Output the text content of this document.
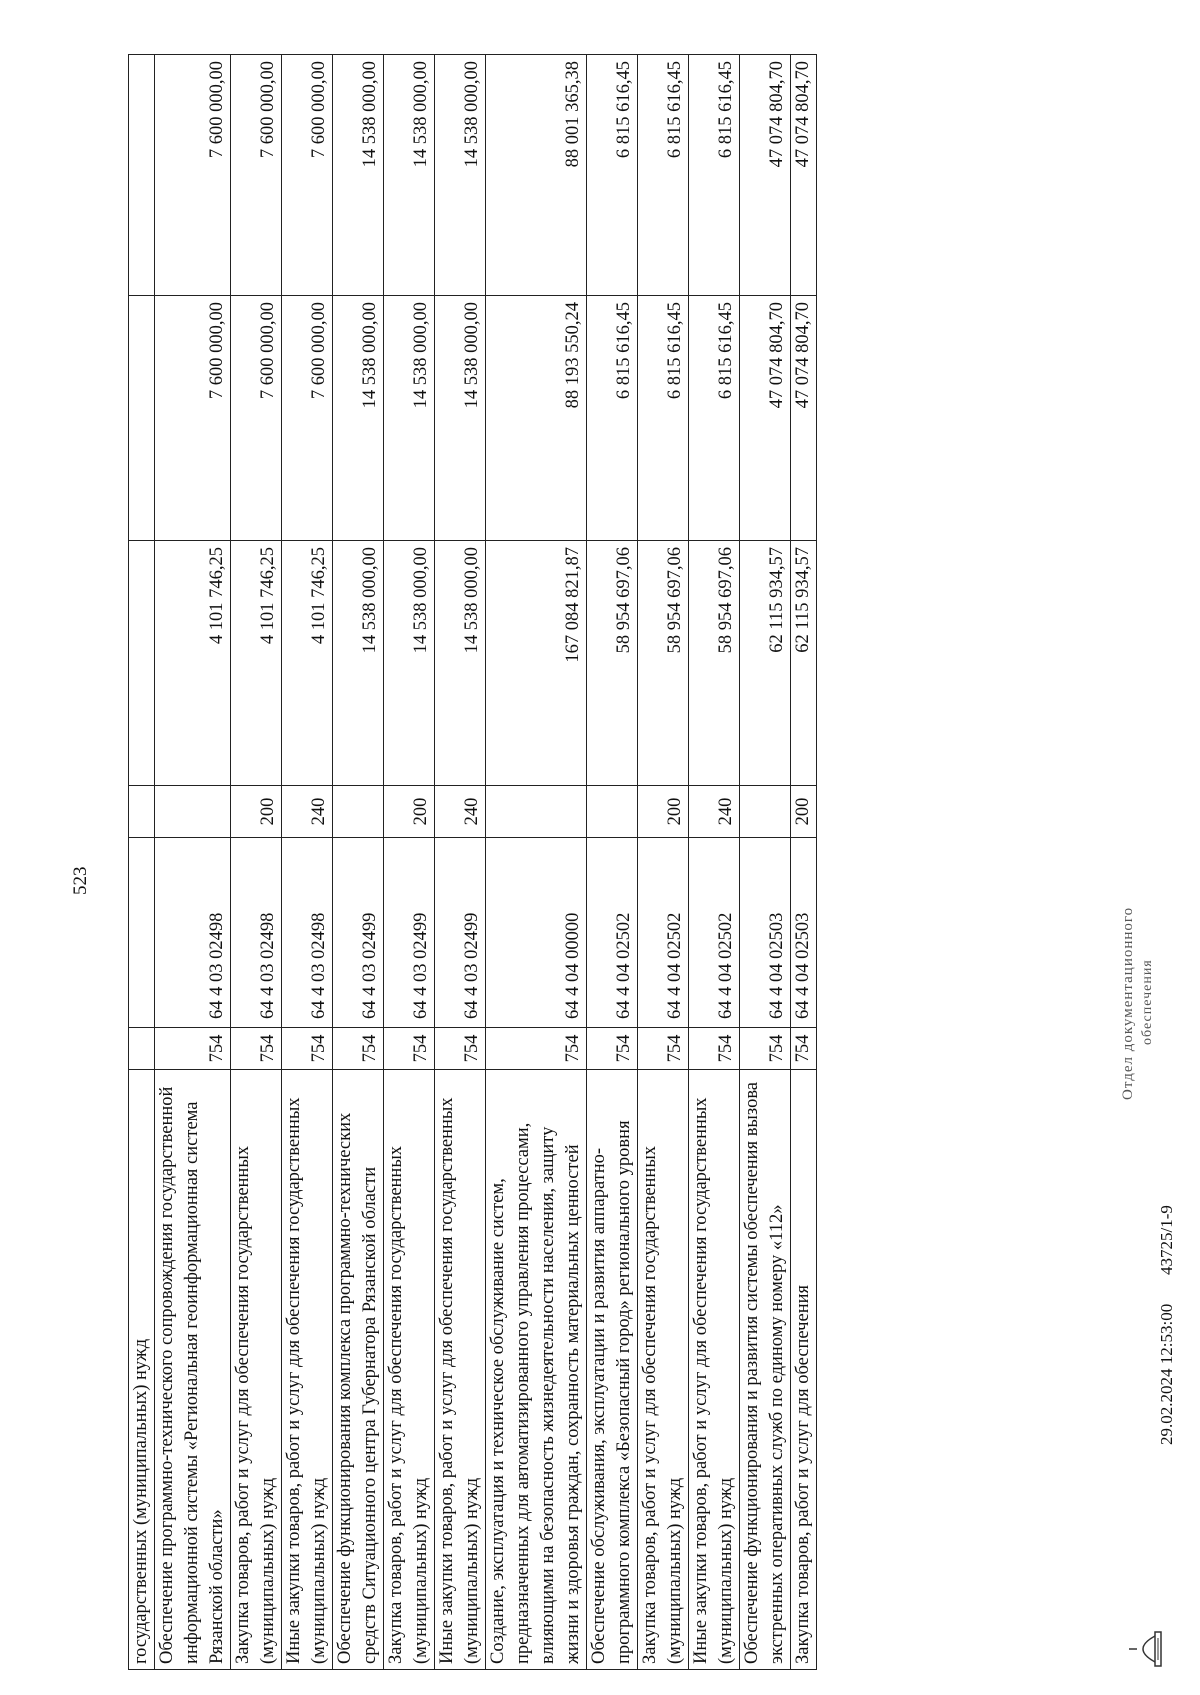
523
государственных (муниципальных) нужд						
Обеспечение программно-технического сопровождения государственной информационной системы «Региональная геоинформационная система Рязанской области»	754	64 4 03 02498		4 101 746,25	7 600 000,00	7 600 000,00
Закупка товаров, работ и услуг для обеспечения государственных (муниципальных) нужд	754	64 4 03 02498	200	4 101 746,25	7 600 000,00	7 600 000,00
Иные закупки товаров, работ и услуг для обеспечения государственных (муниципальных) нужд	754	64 4 03 02498	240	4 101 746,25	7 600 000,00	7 600 000,00
Обеспечение функционирования комплекса программно-технических средств Ситуационного центра Губернатора Рязанской области	754	64 4 03 02499		14 538 000,00	14 538 000,00	14 538 000,00
Закупка товаров, работ и услуг для обеспечения государственных (муниципальных) нужд	754	64 4 03 02499	200	14 538 000,00	14 538 000,00	14 538 000,00
Иные закупки товаров, работ и услуг для обеспечения государственных (муниципальных) нужд	754	64 4 03 02499	240	14 538 000,00	14 538 000,00	14 538 000,00
Создание, эксплуатация и техническое обслуживание систем, предназначенных для автоматизированного управления процессами, влияющими на безопасность жизнедеятельности населения, защиту жизни и здоровья граждан, сохранность материальных ценностей	754	64 4 04 00000		167 084 821,87	88 193 550,24	88 001 365,38
Обеспечение обслуживания, эксплуатации и развития аппаратно-программного комплекса «Безопасный город» регионального уровня	754	64 4 04 02502		58 954 697,06	6 815 616,45	6 815 616,45
Закупка товаров, работ и услуг для обеспечения государственных (муниципальных) нужд	754	64 4 04 02502	200	58 954 697,06	6 815 616,45	6 815 616,45
Иные закупки товаров, работ и услуг для обеспечения государственных (муниципальных) нужд	754	64 4 04 02502	240	58 954 697,06	6 815 616,45	6 815 616,45
Обеспечение функционирования и развития системы обеспечения вызова экстренных оперативных служб по единому номеру «112»	754	64 4 04 02503		62 115 934,57	47 074 804,70	47 074 804,70
Закупка товаров, работ и услуг для обеспечения	754	64 4 04 02503	200	62 115 934,57	47 074 804,70	47 074 804,70
29.02.2024 12:53:00
43725/1-9
Отдел документационного обеспечения
